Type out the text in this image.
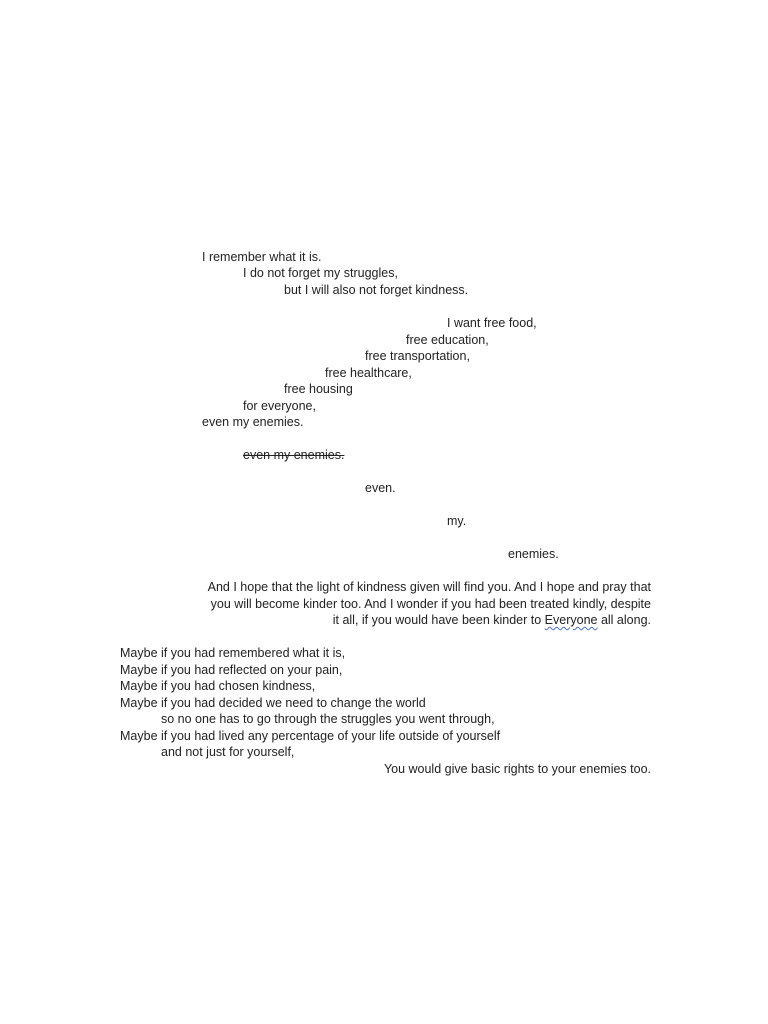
I remember what it is.
I do not forget my struggles,
but I will also not forget kindness.
I want free food,
free education,
free transportation,
free healthcare,
free housing
for everyone,
even my enemies.
even my enemies.
even.
my.
enemies.
And I hope that the light of kindness given will find you. And I hope and pray that
you will become kinder too. And I wonder if you had been treated kindly, despite
it all, if you would have been kinder to Everyone all along.
Maybe if you had remembered what it is,
Maybe if you had reflected on your pain,
Maybe if you had chosen kindness,
Maybe if you had decided we need to change the world
so no one has to go through the struggles you went through,
Maybe if you had lived any percentage of your life outside of yourself
and not just for yourself,
You would give basic rights to your enemies too.
